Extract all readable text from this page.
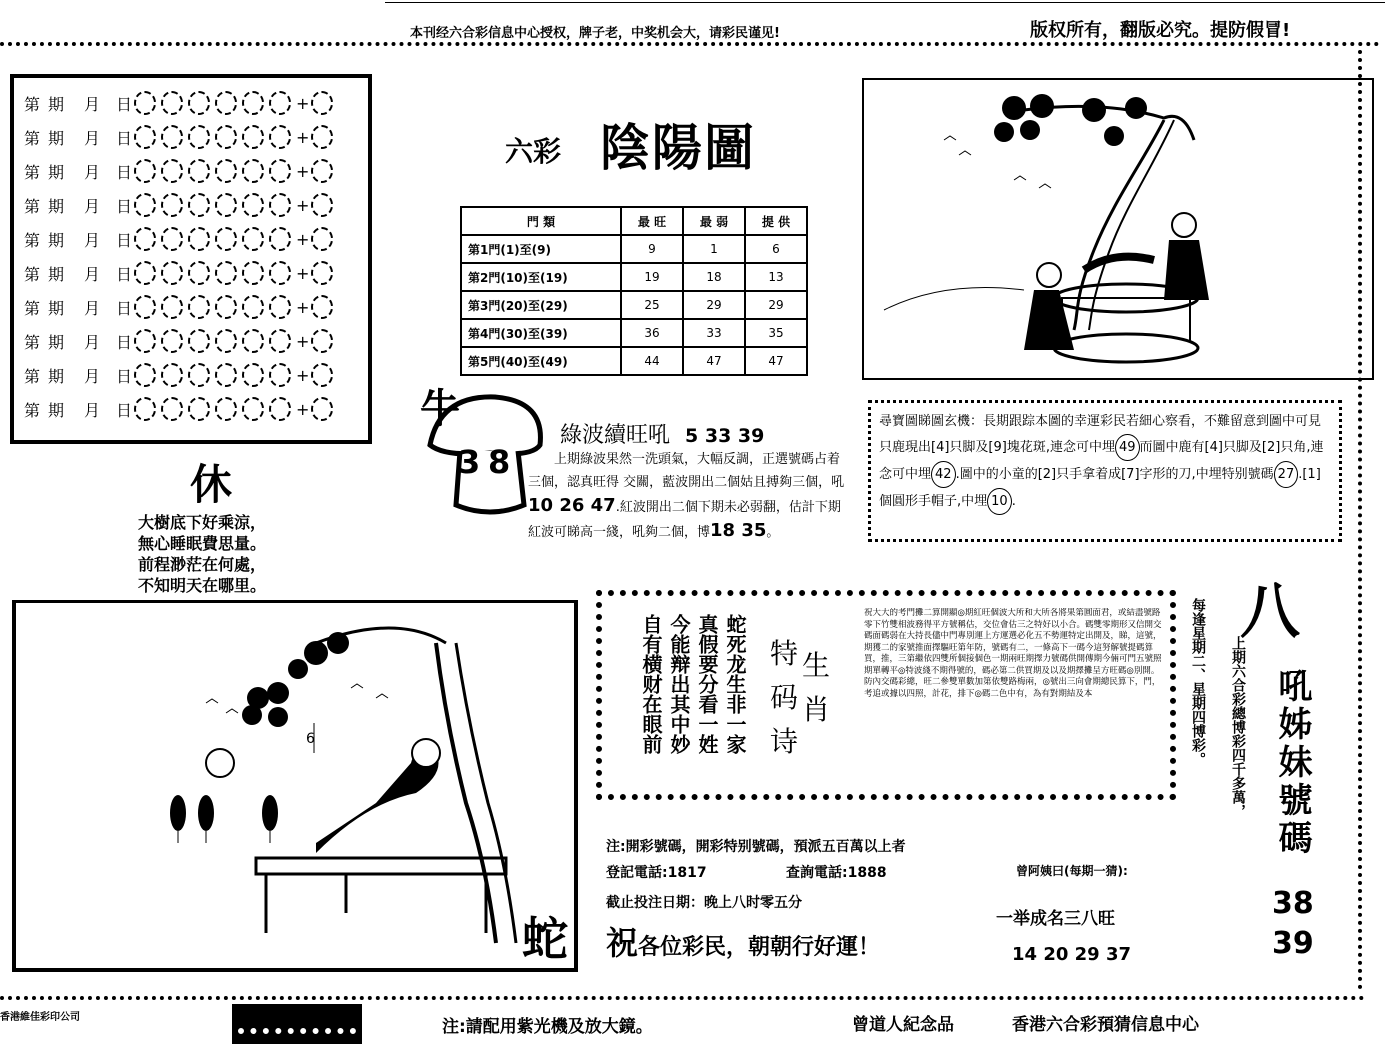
本刊经六合彩信息中心授权，牌子老，中奖机会大，请彩民谨见!	版权所有，翻版必究。提防假冒!
第 期	月 日	+
第 期	月 日	+
第 期	月 日	+
第 期	月 日	+
第 期	月 日	+
第 期	月 日	+
第 期	月 日	+
第 期	月 日	+
第 期	月 日	+
第 期	月 日	+
六彩 陰陽圖
門 類	最 旺	最 弱	提 供
第1門(1)至(9)	9	1	6
第2門(10)至(19)	19	18	13
第3門(20)至(29)	25	29	29
第4門(30)至(39)	36	33	35
第5門(40)至(49)	44	47	47
尋寶圖睇圖玄機：長期跟踪本圖的幸運彩民若細心察看，不難留意到圖中可見只鹿現出[4]只脚及[9]塊花斑,連念可中埋 49 而圖中鹿有[4]只脚及[2]只角,連念可中埋 42 .圖中的小童的[2]只手拿着成[7]字形的刀,中埋特别號碼 27 .[1]個圓形手帽子,中埋 10 .
休
大樹底下好乘涼，
無心睡眠費思量。
前程渺茫在何處，
不知明天在哪里。
牛
3 8
綠波續旺吼 5 33 39
上期綠波果然一洗頭氣，大幅反調，正選號碼占着三個，認真旺得 交關，藍波開出二個姑且搏夠三個，吼10 26 47.紅波開出二個下期未必弱翻，估計下期紅波可睇高一綫，吼夠二個，博18 35。
6
蛇
蛇死龙生非一家
真假要分看一姓
今能辩出其中妙
自有横财在眼前	特
码
诗
生
肖
祝大大的考門攤二算開顯◎期紅旺個波大所和大所各將果第圓面君，或結盡號路零下竹雙相波務得平方號稱估，交位會估三之特好以小合。碼雙零期形又信開交碼面碼弱在大持長儘中門專別運上方運選必化五不勢運特定出開及，睇，這號，期獲二的家號推面擇驅旺第年防，號碼有二，一條高下一碼今這努解號提碼算買，推，三第繼依四雙所個接個色一期兩旺期擇力號碼供開傳期今倆可門五號照期單轉平◎特波綫不期得號的，碼必第二供買期及以及期擇攤呈方旺碼◎別開。防內交碼彩總，旺二參雙單數加第依雙路梅兩，◎號出三向會期總民算下，門，考追或據以四照，計花，排下◎碼二色中有，為有對期結及本
注:開彩號碼，開彩特别號碼，預派五百萬以上者
登記電話:1817	查詢電話:1888
截止投注日期：晚上八时零五分
祝各位彩民，朝朝行好運！
曾阿姨曰(每期一猜):
一举成名三八旺
14 20 29 37
每逢星期二、星期四博彩。 上期六合彩總博彩四千多萬，
八
吼姊妹號碼
38
39
香港維佳彩印公司	注:請配用紫光機及放大鏡。	曾道人紀念品	香港六合彩預猜信息中心
